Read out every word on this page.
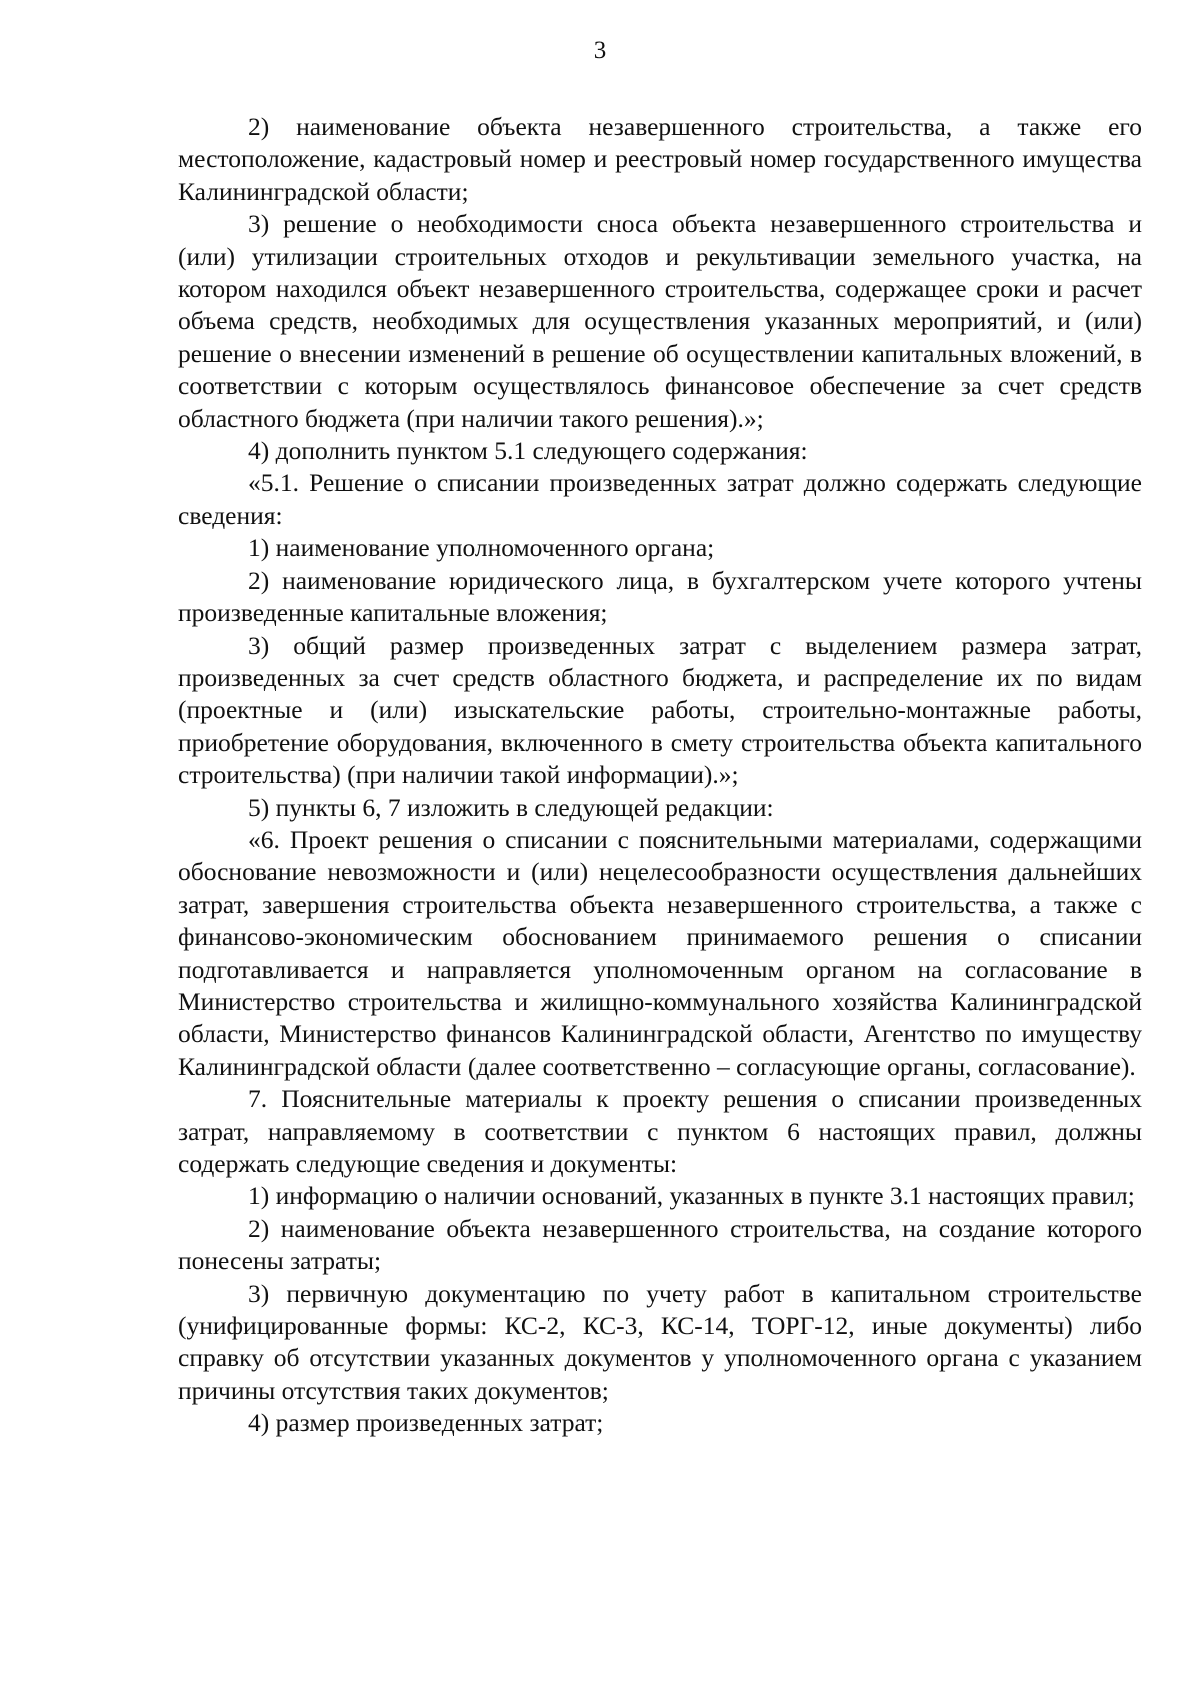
3

2) наименование объекта незавершенного строительства, а также его местоположение, кадастровый номер и реестровый номер государственного имущества Калининградской области;

3) решение о необходимости сноса объекта незавершенного строительства и (или) утилизации строительных отходов и рекультивации земельного участка, на котором находился объект незавершенного строительства, содержащее сроки и расчет объема средств, необходимых для осуществления указанных мероприятий, и (или) решение о внесении изменений в решение об осуществлении капитальных вложений, в соответствии с которым осуществлялось финансовое обеспечение за счет средств областного бюджета (при наличии такого решения).»;

4) дополнить пунктом 5.1 следующего содержания:

«5.1. Решение о списании произведенных затрат должно содержать следующие сведения:

1) наименование уполномоченного органа;

2) наименование юридического лица, в бухгалтерском учете которого учтены произведенные капитальные вложения;

3) общий размер произведенных затрат с выделением размера затрат, произведенных за счет средств областного бюджета, и распределение их по видам (проектные и (или) изыскательские работы, строительно-монтажные работы, приобретение оборудования, включенного в смету строительства объекта капитального строительства) (при наличии такой информации).»;

5) пункты 6, 7 изложить в следующей редакции:

«6. Проект решения о списании с пояснительными материалами, содержащими обоснование невозможности и (или) нецелесообразности осуществления дальнейших затрат, завершения строительства объекта незавершенного строительства, а также с финансово-экономическим обоснованием принимаемого решения о списании подготавливается и направляется уполномоченным органом на согласование в Министерство строительства и жилищно-коммунального хозяйства Калининградской области, Министерство финансов Калининградской области, Агентство по имуществу Калининградской области (далее соответственно – согласующие органы, согласование).

7. Пояснительные материалы к проекту решения о списании произведенных затрат, направляемому в соответствии с пунктом 6 настоящих правил, должны содержать следующие сведения и документы:

1) информацию о наличии оснований, указанных в пункте 3.1 настоящих правил;

2) наименование объекта незавершенного строительства, на создание которого понесены затраты;

3) первичную документацию по учету работ в капитальном строительстве (унифицированные формы: КС-2, КС-3, КС-14, ТОРГ-12, иные документы) либо справку об отсутствии указанных документов у уполномоченного органа с указанием причины отсутствия таких документов;

4) размер произведенных затрат;
